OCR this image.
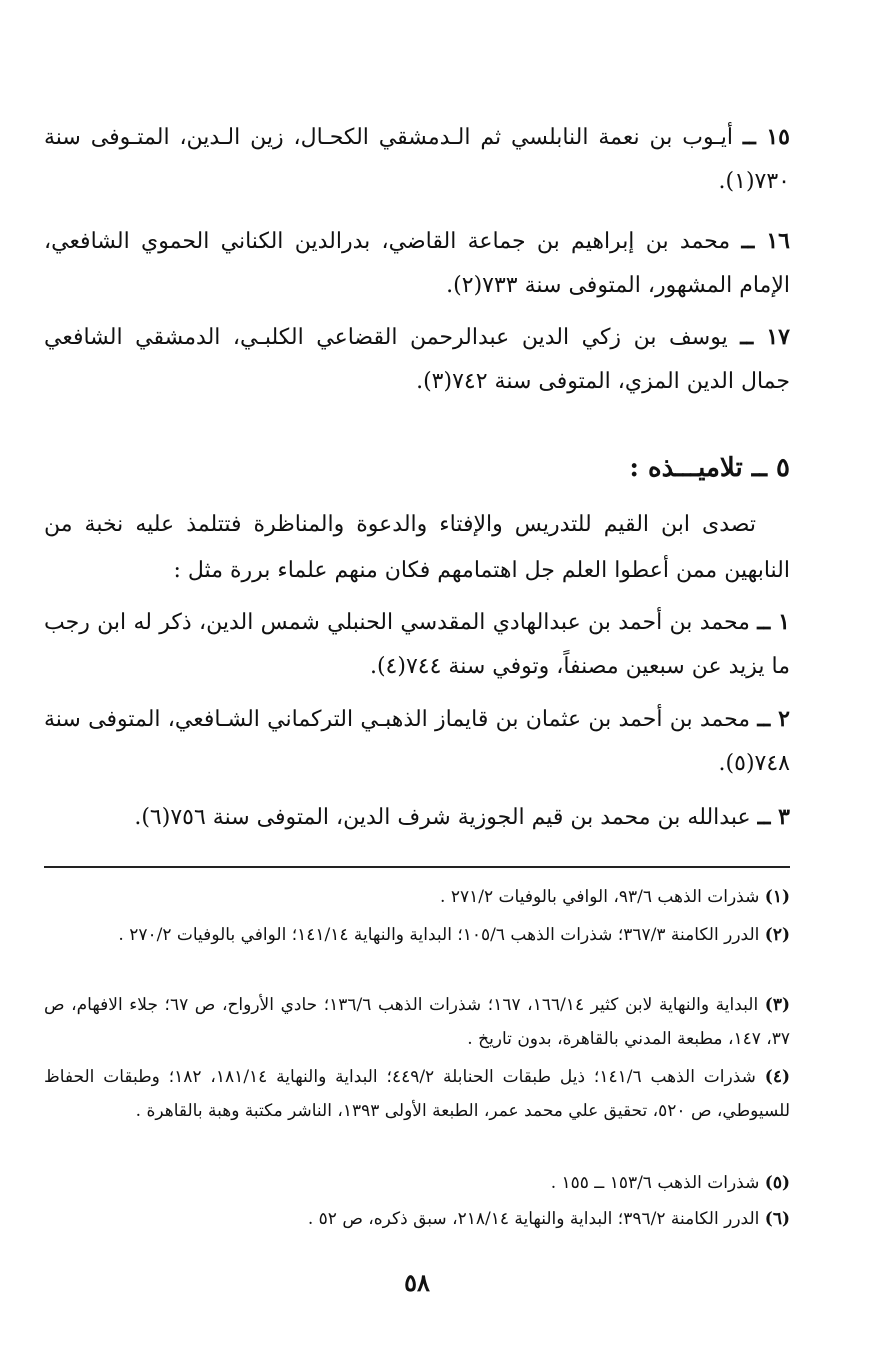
١٥ ــ أيـوب بن نعمة النابلسي ثم الـدمشقي الكحـال، زين الـدين، المتـوفى سنة ٧٣٠(١).
١٦ ــ محمد بن إبراهيم بن جماعة القاضي، بدرالدين الكناني الحموي الشافعي، الإمام المشهور، المتوفى سنة ٧٣٣(٢).
١٧ ــ يوسف بن زكي الدين عبدالرحمن القضاعي الكلبـي، الدمشقي الشافعي جمال الدين المزي، المتوفى سنة ٧٤٢(٣).
٥ ــ تلاميـــذه :
تصدى ابن القيم للتدريس والإفتاء والدعوة والمناظرة فتتلمذ عليه نخبة من النابهين ممن أعطوا العلم جل اهتمامهم فكان منهم علماء بررة مثل :
١ ــ محمد بن أحمد بن عبدالهادي المقدسي الحنبلي شمس الدين، ذكر له ابن رجب ما يزيد عن سبعين مصنفاً، وتوفي سنة ٧٤٤(٤).
٢ ــ محمد بن أحمد بن عثمان بن قايماز الذهبـي التركماني الشـافعي، المتوفى سنة ٧٤٨(٥).
٣ ــ عبدالله بن محمد بن قيم الجوزية شرف الدين، المتوفى سنة ٧٥٦(٦).
(١) شذرات الذهب ٩٣/٦، الوافي بالوفيات ٢٧١/٢ .
(٢) الدرر الكامنة ٣٦٧/٣؛ شذرات الذهب ١٠٥/٦؛ البداية والنهاية ١٤١/١٤؛ الوافي بالوفيات ٢٧٠/٢ .
(٣) البداية والنهاية لابن كثير ١٦٦/١٤، ١٦٧؛ شذرات الذهب ١٣٦/٦؛ حادي الأرواح، ص ٦٧؛ جلاء الافهام، ص ٣٧، ١٤٧، مطبعة المدني بالقاهرة، بدون تاريخ .
(٤) شذرات الذهب ١٤١/٦؛ ذيل طبقات الحنابلة ٤٤٩/٢؛ البداية والنهاية ١٨١/١٤، ١٨٢؛ وطبقات الحفاظ للسيوطي، ص ٥٢٠، تحقيق علي محمد عمر، الطبعة الأولى ١٣٩٣، الناشر مكتبة وهبة بالقاهرة .
(٥) شذرات الذهب ١٥٣/٦ ــ ١٥٥ .
(٦) الدرر الكامنة ٣٩٦/٢؛ البداية والنهاية ٢١٨/١٤، سبق ذكره، ص ٥٢ .
٥٨
